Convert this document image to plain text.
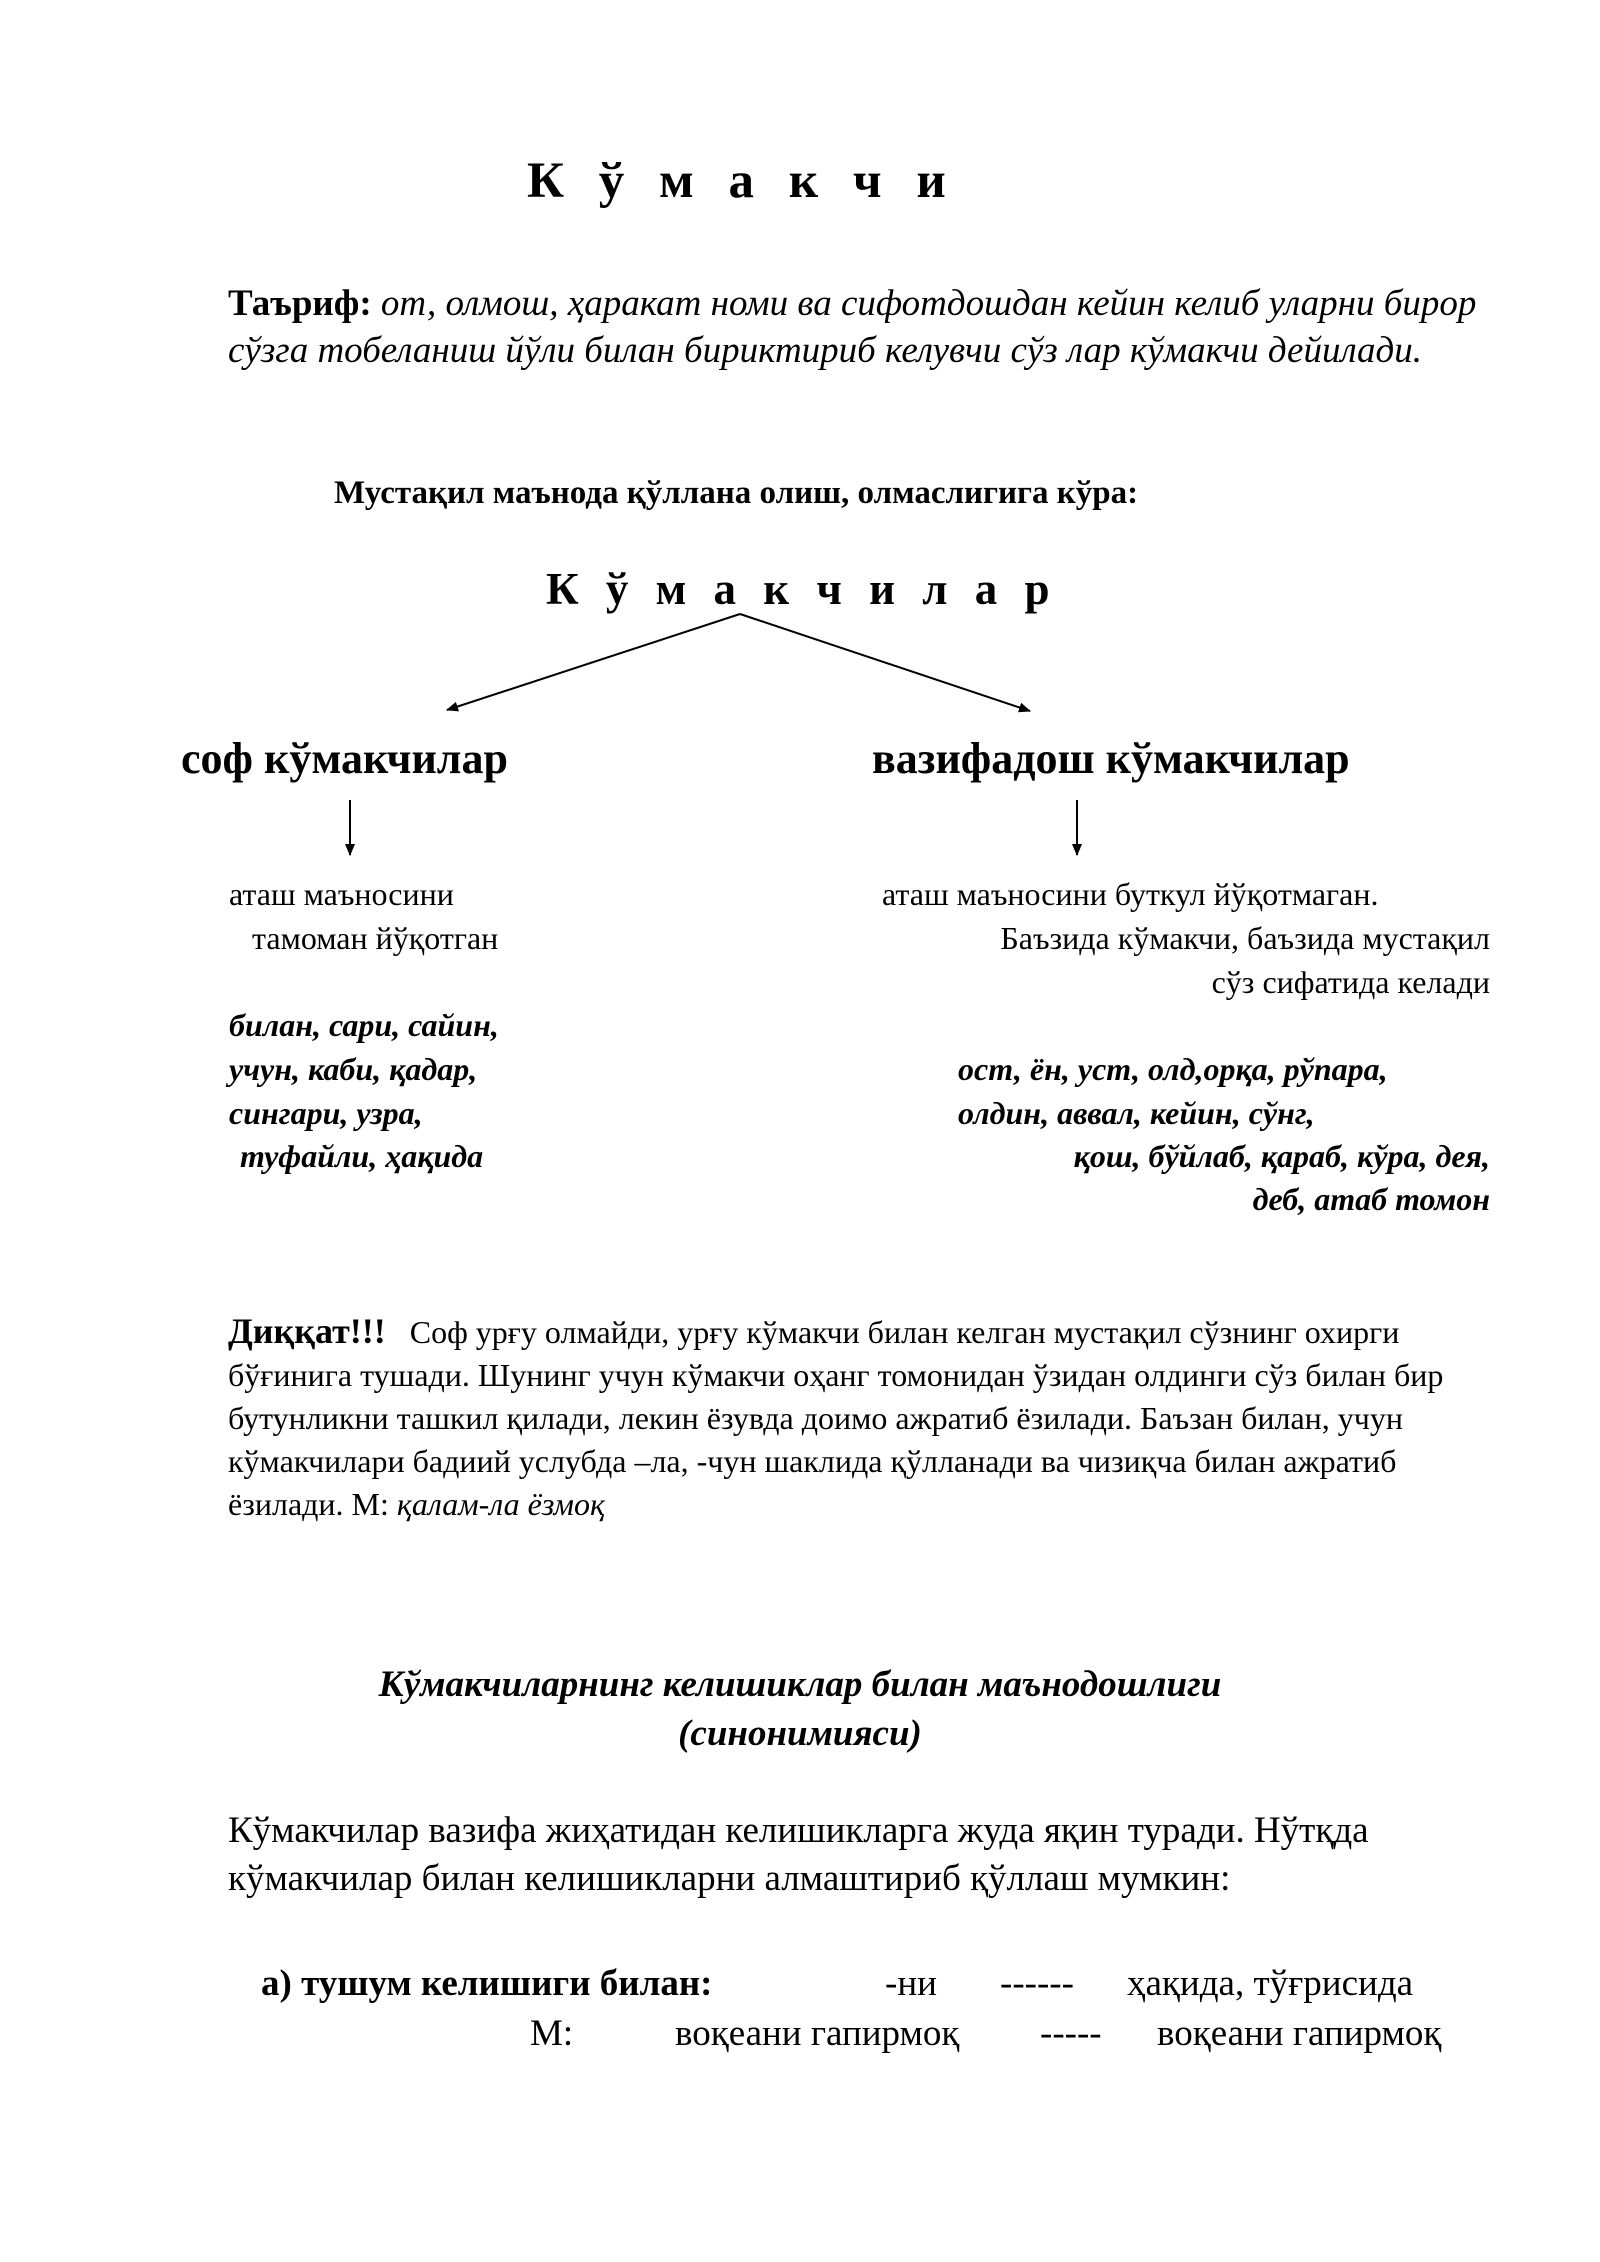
К ў м а к ч и
Таъриф: от, олмош, ҳаракат номи ва сифотдошдан кейин келиб уларни бирор сўзга тобеланиш йўли билан бириктириб келувчи сўз лар кўмакчи дейилади.
Мустақил маънода қўллана олиш, олмаслигига кўра:
К ў м а к ч и л а р
соф кўмакчилар
аташ маъносини
тамоман йўқотган
билан, сари, сайин,
учун, каби, қадар,
сингари, узра,
туфайли, ҳақида
вазифадош кўмакчилар
аташ маъносини буткул йўқотмаган.
Баъзида кўмакчи, баъзида мустақил
сўз сифатида келади
ост, ён, уст, олд,орқа, рўпара,
олдин, аввал, кейин, сўнг,
қош, бўйлаб, қараб, кўра, дея,
деб, атаб томон
Диққат!!! Соф урғу олмайди, урғу кўмакчи билан келган мустақил сўзнинг охирги бўғинига тушади. Шунинг учун кўмакчи оҳанг томонидан ўзидан олдинги сўз билан бир бутунликни ташкил қилади, лекин ёзувда доимо ажратиб ёзилади. Баъзан билан, учун кўмакчилари бадиий услубда –ла, -чун шаклида қўлланади ва чизиқча билан ажратиб ёзилади. М: қалам-ла ёзмоқ
Кўмакчиларнинг келишиклар билан маънодошлиги
(синонимияси)
Кўмакчилар вазифа жиҳатидан келишикларга жуда яқин туради. Нўтқда кўмакчилар билан келишикларни алмаштириб қўллаш мумкин:
а) тушум келишиги билан:	-ни ------ ҳақида, тўғрисида
М:	воқеани гапирмоқ ----- воқеани гапирмоқ
